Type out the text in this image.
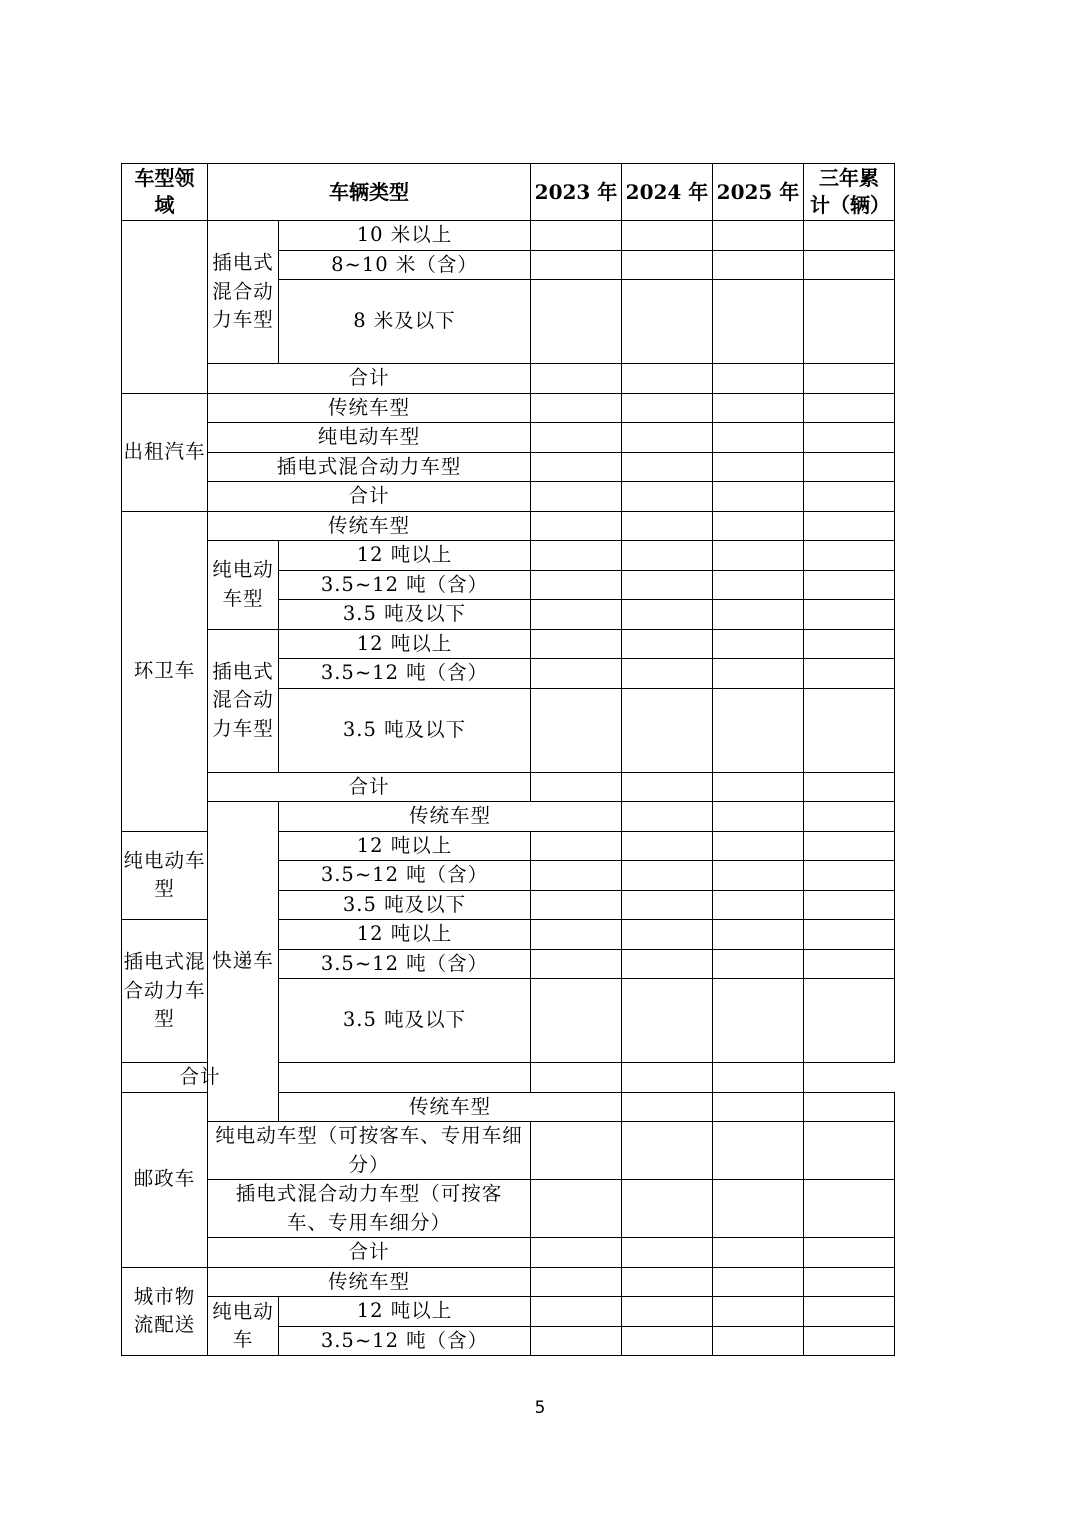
车型领域	车辆类型		2023 年	2024 年	2025 年	三年累计（辆）	
	插电式混合动力车型	10 米以上					
		8~10 米（含）					
		8 米及以下					
	合计						
出租汽车	传统车型						
	纯电动车型						
	插电式混合动力车型						
	合计						
环卫车	传统车型						
	纯电动车型	12 吨以上					
		3.5~12 吨（含）					
		3.5 吨及以下					
	插电式混合动力车型	12 吨以上					
		3.5~12 吨（含）					
		3.5 吨及以下					
	合计						
	快递车	传统车型					
纯电动车型		12 吨以上					
		3.5~12 吨（含）					
		3.5 吨及以下					
插电式混合动力车型		12 吨以上					
		3.5~12 吨（含）					
		3.5 吨及以下					
合计							
邮政车		传统车型					
	纯电动车型（可按客车、专用车细分）						
	插电式混合动力车型（可按客车、专用车细分）						
	合计						
城市物流配送	传统车型						
	纯电动车	12 吨以上					
		3.5~12 吨（含）					
5
